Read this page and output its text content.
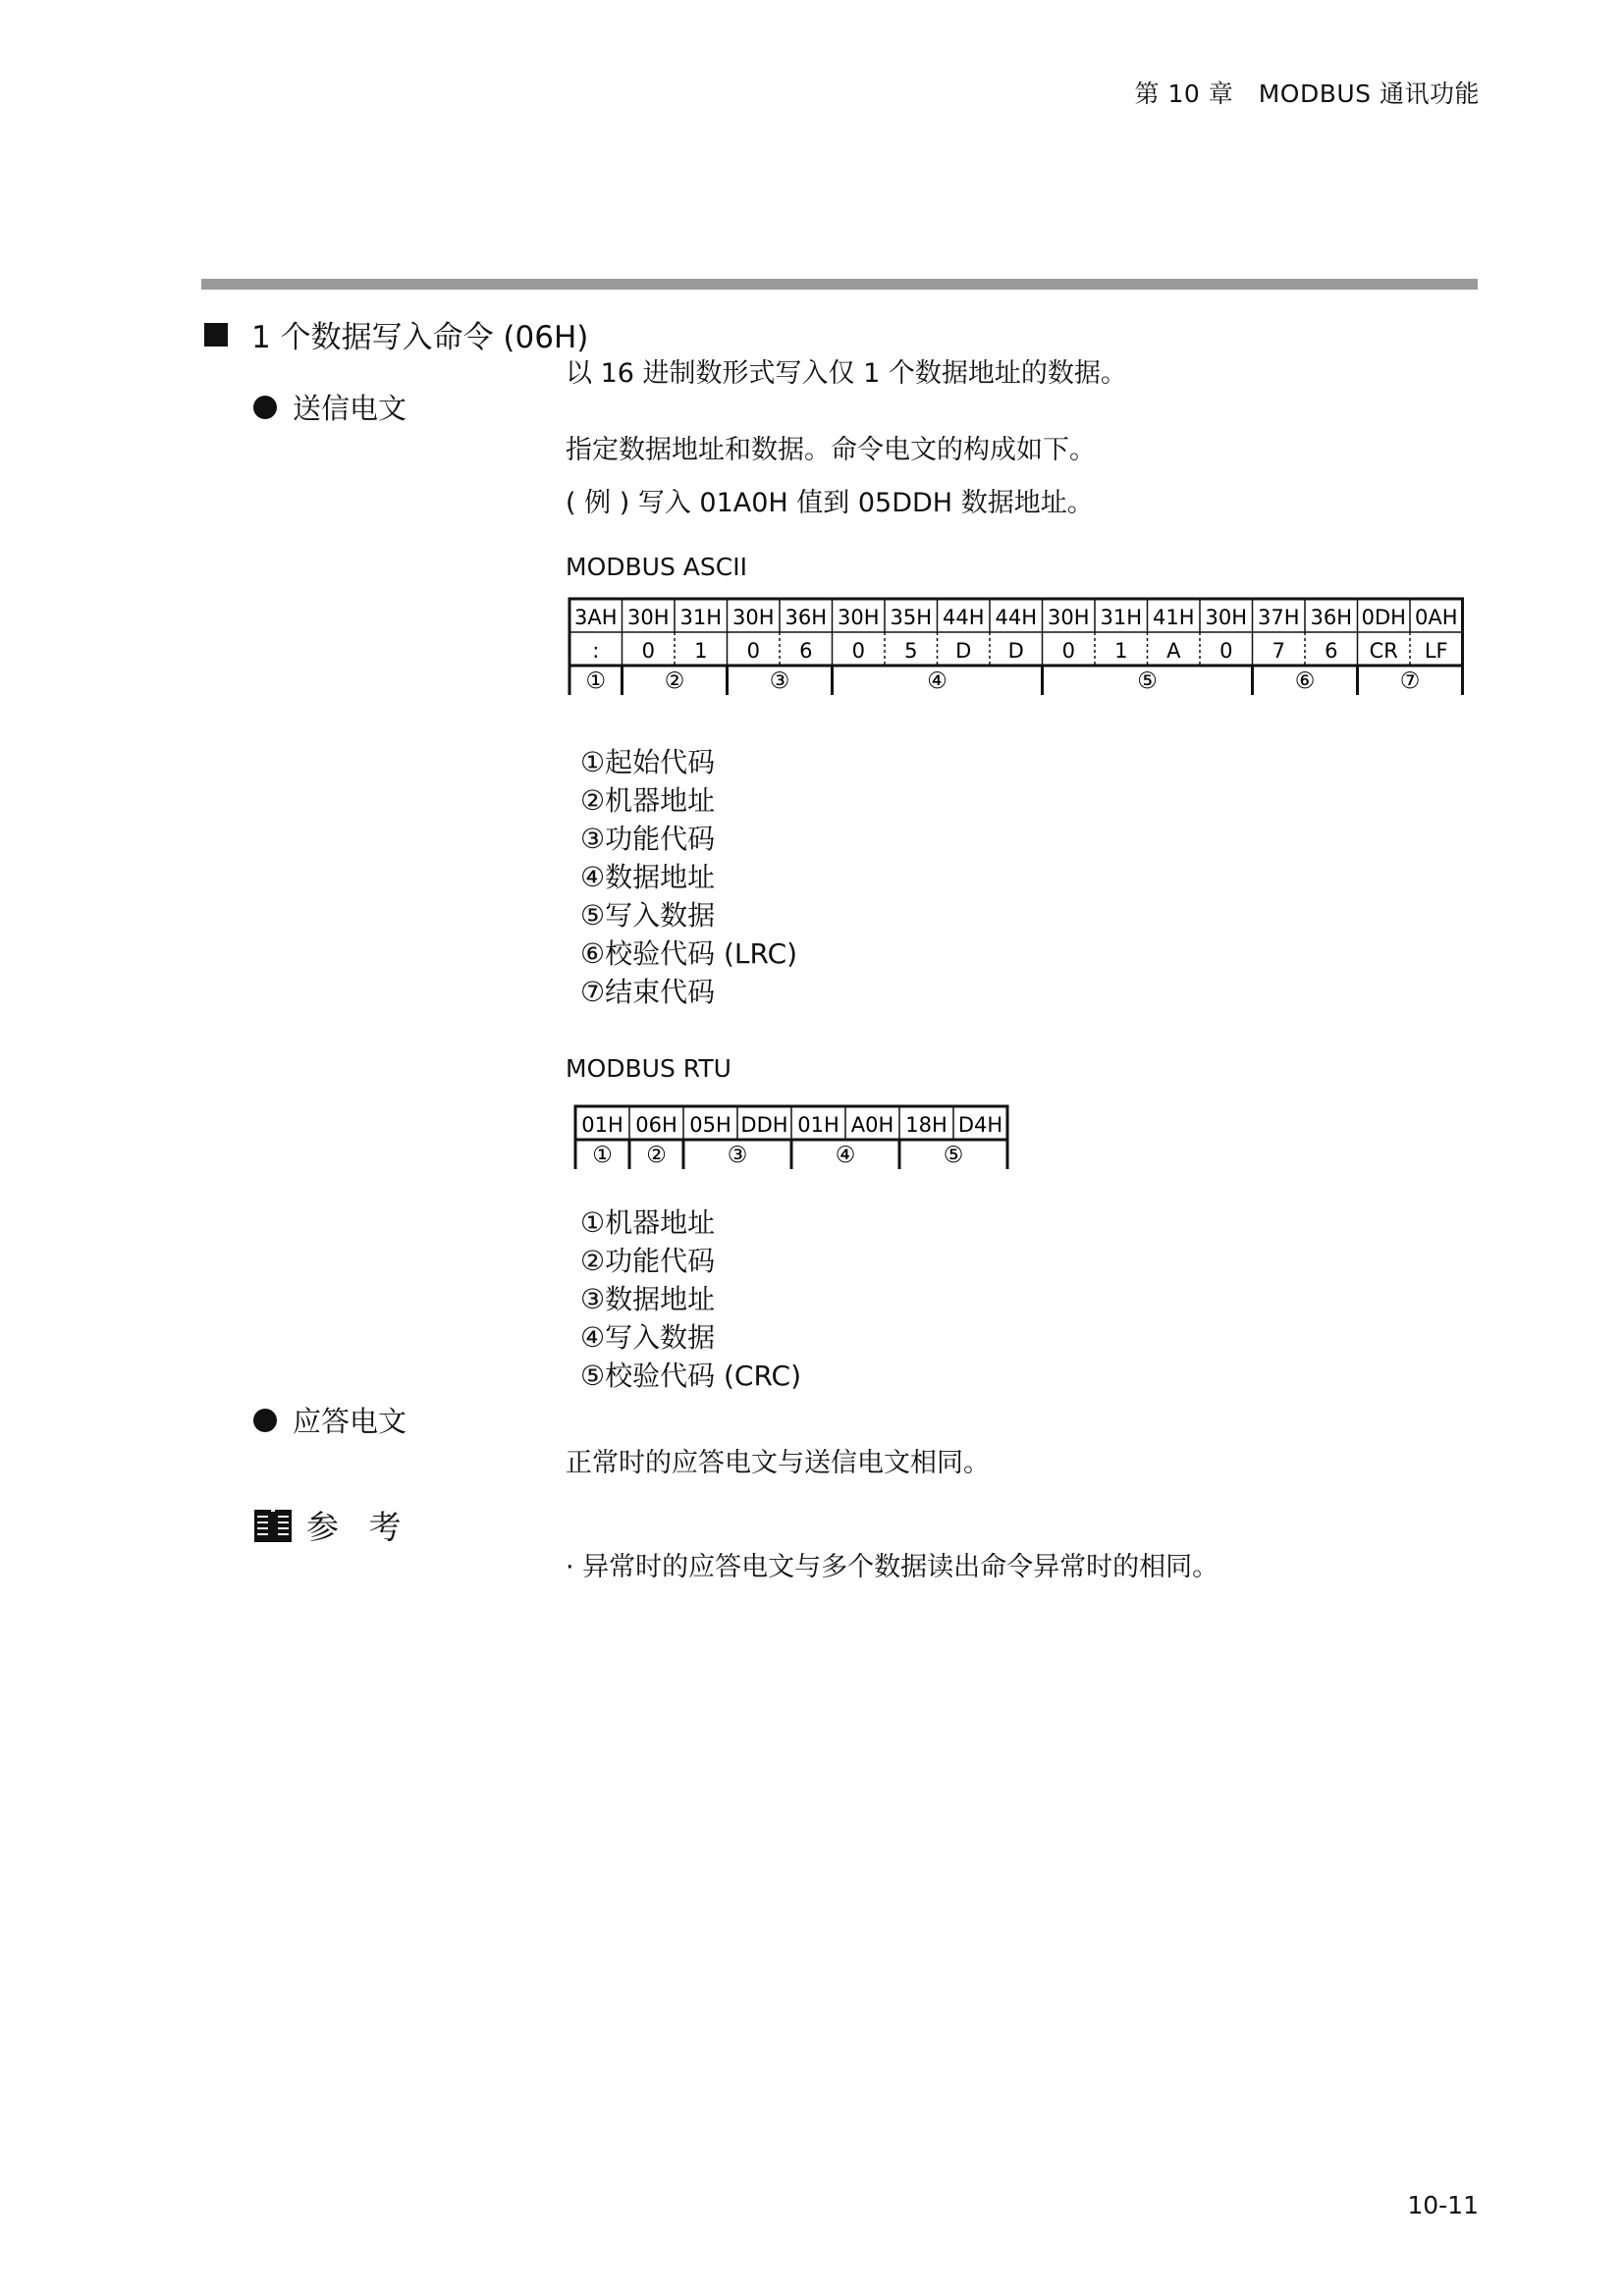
第 10 章　MODBUS 通讯功能
1 个数据写入命令 (06H)
以 16 进制数形式写入仅 1 个数据地址的数据。
送信电文
指定数据地址和数据。命令电文的构成如下。
( 例 ) 写入 01A0H 值到 05DDH 数据地址。
MODBUS ASCII
3AH 30H 31H 30H 36H 30H 35H 44H 44H 30H 31H 41H 30H 37H 36H 0DH 0AH
: 0 1 0 6 0 5 D D 0 1 A 0 7 6 CR LF
①	②	③	④	⑤	⑥	⑦
①起始代码
②机器地址
③功能代码
④数据地址
⑤写入数据
⑥校验代码 (LRC)
⑦结束代码
MODBUS RTU
01H 06H 05H DDH 01H A0H 18H D4H
① ②	③	④	⑤
①机器地址
②功能代码
③数据地址
④写入数据
⑤校验代码 (CRC)
应答电文
正常时的应答电文与送信电文相同。
参 考
· 异常时的应答电文与多个数据读出命令异常时的相同。
10-11
